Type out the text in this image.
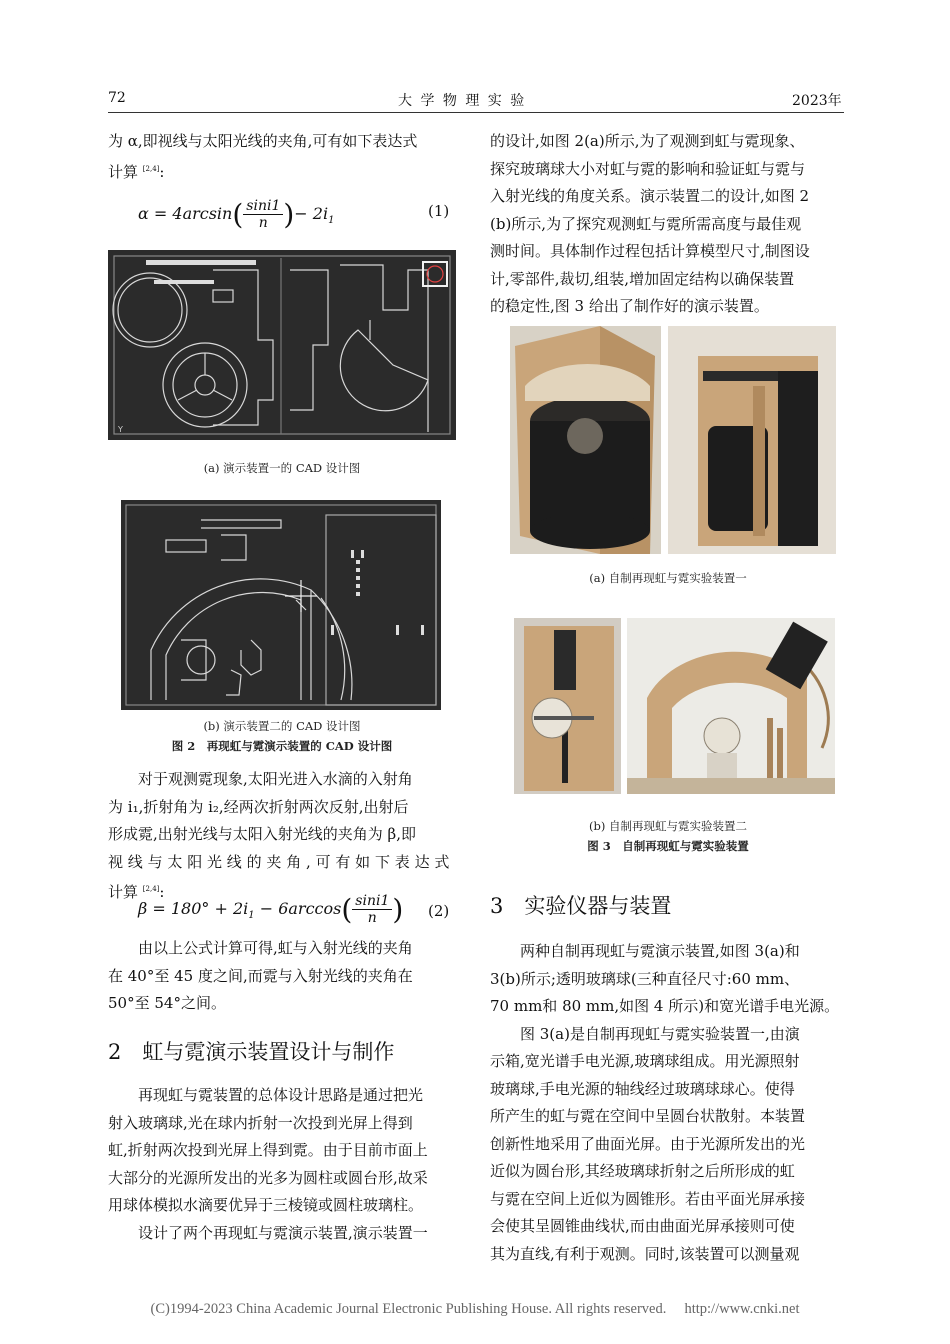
72	大 学 物 理 实 验	2023年
为 α,即视线与太阳光线的夹角,可有如下表达式
计算 [2,4]:
$\alpha = 4\arcsin( \frac{\sin i1}{n}$ )− $2i_1$
(1)
Y
(a) 演示装置一的 CAD 设计图
(b) 演示装置二的 CAD 设计图
图 2　再现虹与霓演示装置的 CAD 设计图
对于观测霓现象,太阳光进入水滴的入射角
为 i₁,折射角为 i₂,经两次折射两次反射,出射后
形成霓,出射光线与太阳入射光线的夹角为 β,即
视线与太阳光线的夹角,可有如下表达式
计算 [2,4]:
$\beta = 180^\circ + 2i_1 - 6\arccos( \frac{\sin i1}{n}$ ) (2)
由以上公式计算可得,虹与入射光线的夹角
在 40°至 45 度之间,而霓与入射光线的夹角在
50°至 54°之间。
2　虹与霓演示装置设计与制作
再现虹与霓装置的总体设计思路是通过把光
射入玻璃球,光在球内折射一次投到光屏上得到
虹,折射两次投到光屏上得到霓。由于目前市面上
大部分的光源所发出的光多为圆柱或圆台形,故采
用球体模拟水滴要优异于三棱镜或圆柱玻璃柱。
设计了两个再现虹与霓演示装置,演示装置一
的设计,如图 2(a)所示,为了观测到虹与霓现象、
探究玻璃球大小对虹与霓的影响和验证虹与霓与
入射光线的角度关系。演示装置二的设计,如图 2
(b)所示,为了探究观测虹与霓所需高度与最佳观
测时间。具体制作过程包括计算模型尺寸,制图设
计,零部件,裁切,组装,增加固定结构以确保装置
的稳定性,图 3 给出了制作好的演示装置。
(a) 自制再现虹与霓实验装置一
(b) 自制再现虹与霓实验装置二
图 3　自制再现虹与霓实验装置
3　实验仪器与装置
两种自制再现虹与霓演示装置,如图 3(a)和
3(b)所示;透明玻璃球(三种直径尺寸:60 mm、
70 mm和 80 mm,如图 4 所示)和宽光谱手电光源。
图 3(a)是自制再现虹与霓实验装置一,由演
示箱,宽光谱手电光源,玻璃球组成。用光源照射
玻璃球,手电光源的轴线经过玻璃球球心。使得
所产生的虹与霓在空间中呈圆台状散射。本装置
创新性地采用了曲面光屏。由于光源所发出的光
近似为圆台形,其经玻璃球折射之后所形成的虹
与霓在空间上近似为圆锥形。若由平面光屏承接
会使其呈圆锥曲线状,而由曲面光屏承接则可使
其为直线,有利于观测。同时,该装置可以测量观
(C)1994-2023 China Academic Journal Electronic Publishing House. All rights reserved.　 http://www.cnki.net
